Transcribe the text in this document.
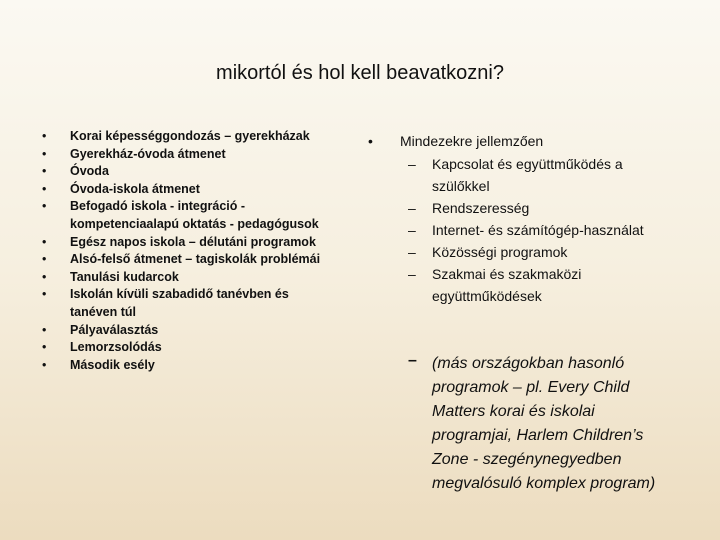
mikortól és hol kell beavatkozni?
• Korai képességgondozás – gyerekházak
• Gyerekház-óvoda átmenet
• Óvoda
• Óvoda-iskola átmenet
• Befogadó iskola - integráció -
kompetenciaalapú oktatás - pedagógusok
• Egész napos iskola – délutáni programok
• Alsó-felső átmenet – tagiskolák problémái
• Tanulási kudarcok
• Iskolán kívüli szabadidő tanévben és
tanéven túl
• Pályaválasztás
• Lemorzsolódás
• Második esély
• Mindezekre jellemzően
– Kapcsolat és együttműködés a
szülőkkel
– Rendszeresség
– Internet- és számítógép-használat
– Közösségi programok
– Szakmai és szakmaközi
együttműködések
– (más országokban hasonló
programok – pl. Every Child
Matters korai és iskolai
programjai, Harlem Children’s
Zone - szegénynegyedben
megvalósuló komplex program)
